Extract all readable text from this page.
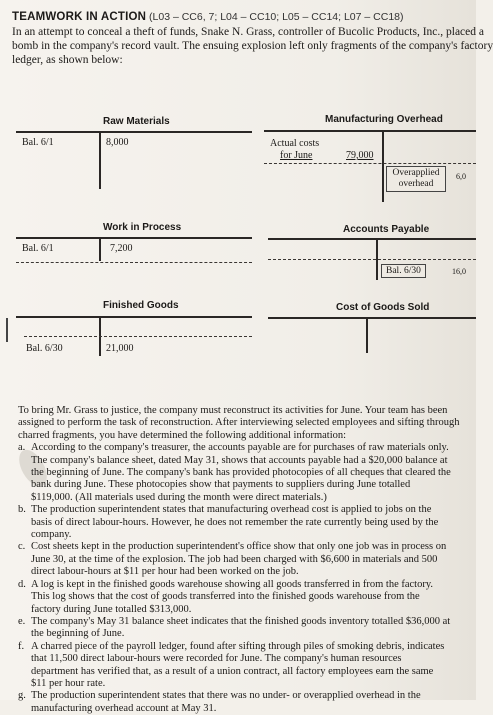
TEAMWORK IN ACTION (L03 – CC6, 7; L04 – CC10; L05 – CC14; L07 – CC18)
In an attempt to conceal a theft of funds, Snake N. Grass, controller of Bucolic Products, Inc., placed a
bomb in the company's record vault. The ensuing explosion left only fragments of the company's factory
ledger, as shown below:
Raw Materials
Bal. 6/1	8,000
Manufacturing Overhead
Actual costs
for June	79,000
Overapplied
overhead
6,0
Work in Process
Bal. 6/1	7,200
Accounts Payable
Bal. 6/30	16,0
Finished Goods
Bal. 6/30	21,000
Cost of Goods Sold
To bring Mr. Grass to justice, the company must reconstruct its activities for June. Your team has been
assigned to perform the task of reconstruction. After interviewing selected employees and sifting through
charred fragments, you have determined the following additional information:
a. According to the company's treasurer, the accounts payable are for purchases of raw materials only.
The company's balance sheet, dated May 31, shows that accounts payable had a $20,000 balance at
the beginning of June. The company's bank has provided photocopies of all cheques that cleared the
bank during June. These photocopies show that payments to suppliers during June totalled
$119,000. (All materials used during the month were direct materials.)
b. The production superintendent states that manufacturing overhead cost is applied to jobs on the
basis of direct labour-hours. However, he does not remember the rate currently being used by the
company.
c. Cost sheets kept in the production superintendent's office show that only one job was in process on
June 30, at the time of the explosion. The job had been charged with $6,600 in materials and 500
direct labour-hours at $11 per hour had been worked on the job.
d. A log is kept in the finished goods warehouse showing all goods transferred in from the factory.
This log shows that the cost of goods transferred into the finished goods warehouse from the
factory during June totalled $313,000.
e. The company's May 31 balance sheet indicates that the finished goods inventory totalled $36,000 at
the beginning of June.
f. A charred piece of the payroll ledger, found after sifting through piles of smoking debris, indicates
that 11,500 direct labour-hours were recorded for June. The company's human resources
department has verified that, as a result of a union contract, all factory employees earn the same
$11 per hour rate.
g. The production superintendent states that there was no under- or overapplied overhead in the
manufacturing overhead account at May 31.
